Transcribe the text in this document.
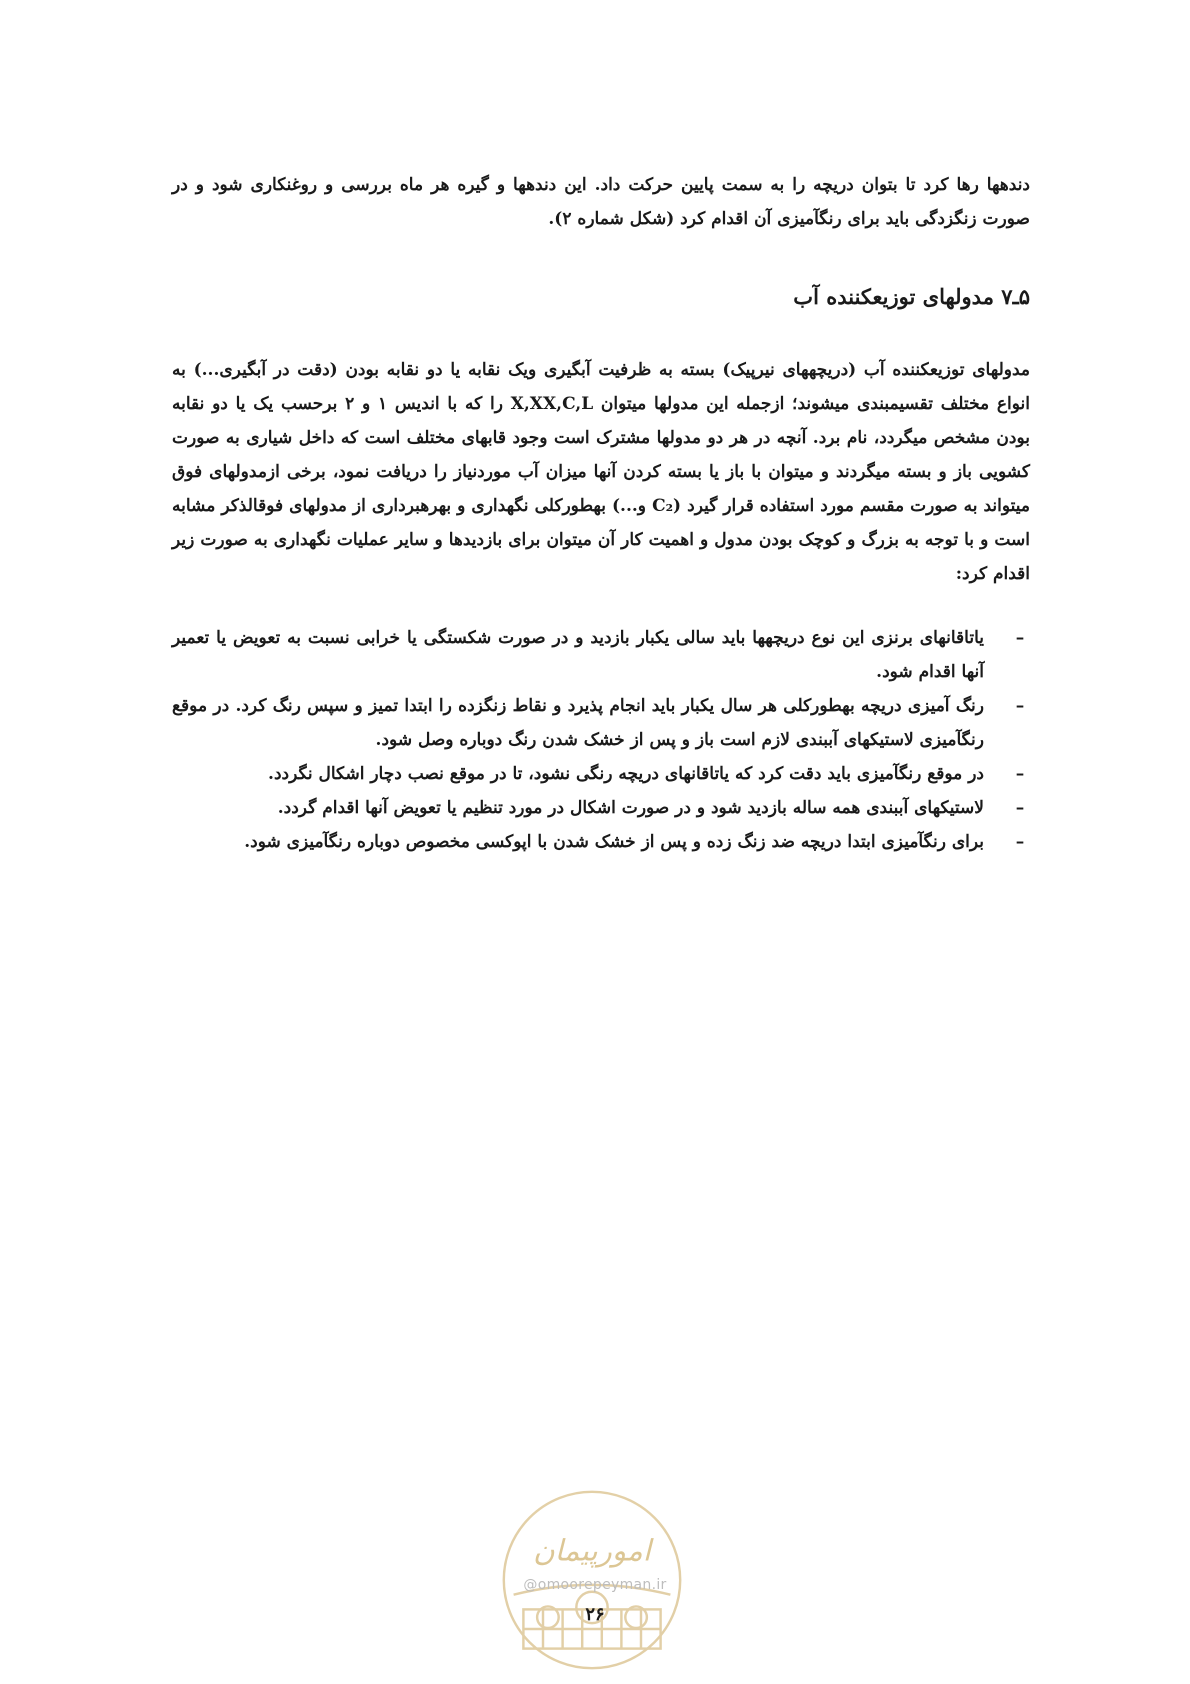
دندهها رها کرد تا بتوان دریچه را به سمت پایین حرکت داد. این دندهها و گیره هر ماه بررسی و روغنکاری شود و در صورت زنگزدگی باید برای رنگآمیزی آن اقدام کرد (شکل شماره ۲).

۵ـ۷ مدولهای توزیعکننده آب

مدولهای توزیعکننده آب (دریچههای نیرپیک) بسته به ظرفیت آبگیری ویک نقابه یا دو نقابه بودن (دقت در آبگیری...) به انواع مختلف تقسیمبندی میشوند؛ ازجمله این مدولها میتوان X,XX,C,L را که با اندیس ۱ و ۲ برحسب یک یا دو نقابه بودن مشخص میگردد، نام برد. آنچه در هر دو مدولها مشترک است وجود قابهای مختلف است که داخل شیاری به صورت کشویی باز و بسته میگردند و میتوان با باز یا بسته کردن آنها میزان آب موردنیاز را دریافت نمود، برخی ازمدولهای فوق میتواند به صورت مقسم مورد استفاده قرار گیرد (C₂ و...) بهطورکلی نگهداری و بهرهبرداری از مدولهای فوقالذکر مشابه است و با توجه به بزرگ و کوچک بودن مدول و اهمیت کار آن میتوان برای بازدیدها و سایر عملیات نگهداری به صورت زیر اقدام کرد:

–
یاتاقانهای برنزی این نوع دریچهها باید سالی یکبار بازدید و در صورت شکستگی یا خرابی نسبت به تعویض یا تعمیر آنها اقدام شود.
–
رنگ آمیزی دریچه بهطورکلی هر سال یکبار باید انجام پذیرد و نقاط زنگزده را ابتدا تمیز و سپس رنگ کرد. در موقع رنگآمیزی لاستیکهای آببندی لازم است باز و پس از خشک شدن رنگ دوباره وصل شود.
–
در موقع رنگآمیزی باید دقت کرد که یاتاقانهای دریچه رنگی نشود، تا در موقع نصب دچار اشکال نگردد.
–
لاستیکهای آببندی همه ساله بازدید شود و در صورت اشکال در مورد تنظیم یا تعویض آنها اقدام گردد.
–
برای رنگآمیزی ابتدا دریچه ضد زنگ زده و پس از خشک شدن با اپوکسی مخصوص دوباره رنگآمیزی شود.
امورپیمان
@omoorepeyman.ir
۲۶
